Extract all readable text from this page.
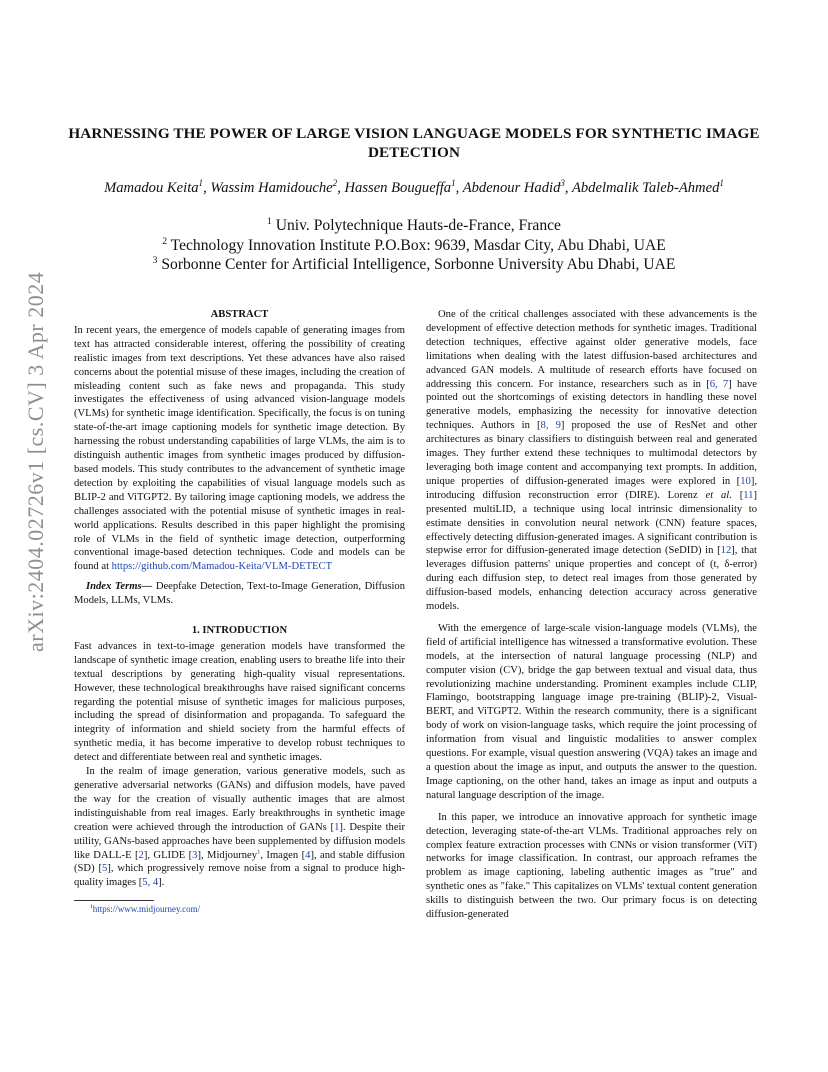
arXiv:2404.02726v1 [cs.CV] 3 Apr 2024
HARNESSING THE POWER OF LARGE VISION LANGUAGE MODELS FOR SYNTHETIC IMAGE DETECTION
Mamadou Keita$^1$, Wassim Hamidouche$^2$, Hassen Bougueffa$^1$, Abdenour Hadid$^3$, Abdelmalik Taleb-Ahmed$^1$
$^1$ Univ. Polytechnique Hauts-de-France, France
$^2$ Technology Innovation Institute P.O.Box: 9639, Masdar City, Abu Dhabi, UAE
$^3$ Sorbonne Center for Artificial Intelligence, Sorbonne University Abu Dhabi, UAE
ABSTRACT

In recent years, the emergence of models capable of generating images from text has attracted considerable interest, offering the possibility of creating realistic images from text descriptions. Yet these advances have also raised concerns about the potential misuse of these images, including the creation of misleading content such as fake news and propaganda. This study investigates the effectiveness of using advanced vision-language models (VLMs) for synthetic image identification. Specifically, the focus is on tuning state-of-the-art image captioning models for synthetic image detection. By harnessing the robust understanding capabilities of large VLMs, the aim is to distinguish authentic images from synthetic images produced by diffusion-based models. This study contributes to the advancement of synthetic image detection by exploiting the capabilities of visual language models such as BLIP-2 and ViTGPT2. By tailoring image captioning models, we address the challenges associated with the potential misuse of synthetic images in real-world applications. Results described in this paper highlight the promising role of VLMs in the field of synthetic image detection, outperforming conventional image-based detection techniques. Code and models can be found at https://github.com/Mamadou-Keita/VLM-DETECT

Index Terms— Deepfake Detection, Text-to-Image Generation, Diffusion Models, LLMs, VLMs.

1. INTRODUCTION

Fast advances in text-to-image generation models have transformed the landscape of synthetic image creation, enabling users to breathe life into their textual descriptions by generating high-quality visual representations. However, these technological breakthroughs have raised significant concerns regarding the potential misuse of synthetic images for malicious purposes, including the spread of disinformation and propaganda. To safeguard the integrity of information and shield society from the harmful effects of synthetic media, it has become imperative to develop robust techniques to detect and differentiate between real and synthetic images.

In the realm of image generation, various generative models, such as generative adversarial networks (GANs) and diffusion models, have paved the way for the creation of visually authentic images that are almost indistinguishable from real images. Early breakthroughs in synthetic image creation were achieved through the introduction of GANs [1]. Despite their utility, GANs-based approaches have been supplemented by diffusion models like DALL-E [2], GLIDE [3], Midjourney$^1$, Imagen [4], and stable diffusion (SD) [5], which progressively remove noise from a signal to produce high-quality images [5, 4].

$^1$https://www.midjourney.com/

One of the critical challenges associated with these advancements is the development of effective detection methods for synthetic images. Traditional detection techniques, effective against older generative models, face limitations when dealing with the latest diffusion-based architectures and advanced GAN models. A multitude of research efforts have focused on addressing this concern. For instance, researchers such as in [6, 7] have pointed out the shortcomings of existing detectors in handling these novel generative models, emphasizing the necessity for innovative detection techniques. Authors in [8, 9] proposed the use of ResNet and other architectures as binary classifiers to distinguish between real and generated images. They further extend these techniques to multimodal detectors by leveraging both image content and accompanying text prompts. In addition, unique properties of diffusion-generated images were explored in [10], introducing diffusion reconstruction error (DIRE). Lorenz et al. [11] presented multiLID, a technique using local intrinsic dimensionality to estimate densities in convolution neural network (CNN) feature spaces, effectively detecting diffusion-generated images. A significant contribution is stepwise error for diffusion-generated image detection (SeDID) in [12], that leverages diffusion patterns' unique properties and concept of (t, δ-error) during each diffusion step, to detect real images from those generated by diffusion-based models, enhancing detection accuracy across generative models.

With the emergence of large-scale vision-language models (VLMs), the field of artificial intelligence has witnessed a transformative evolution. These models, at the intersection of natural language processing (NLP) and computer vision (CV), bridge the gap between textual and visual data, thus revolutionizing machine understanding. Prominent examples include CLIP, Flamingo, bootstrapping language image pre-training (BLIP)-2, Visual-BERT, and ViTGPT2. Within the research community, there is a significant body of work on vision-language tasks, which require the joint processing of information from visual and linguistic modalities to answer complex questions. For example, visual question answering (VQA) takes an image and a question about the image as input, and outputs the answer to the question. Image captioning, on the other hand, takes an image as input and outputs a natural language description of the image.

In this paper, we introduce an innovative approach for synthetic image detection, leveraging state-of-the-art VLMs. Traditional approaches rely on complex feature extraction processes with CNNs or vision transformer (ViT) networks for image classification. In contrast, our approach reframes the problem as image captioning, labeling authentic images as "true" and synthetic ones as "fake." This capitalizes on VLMs' textual content generation skills to distinguish between the two. Our primary focus is on detecting diffusion-generated
